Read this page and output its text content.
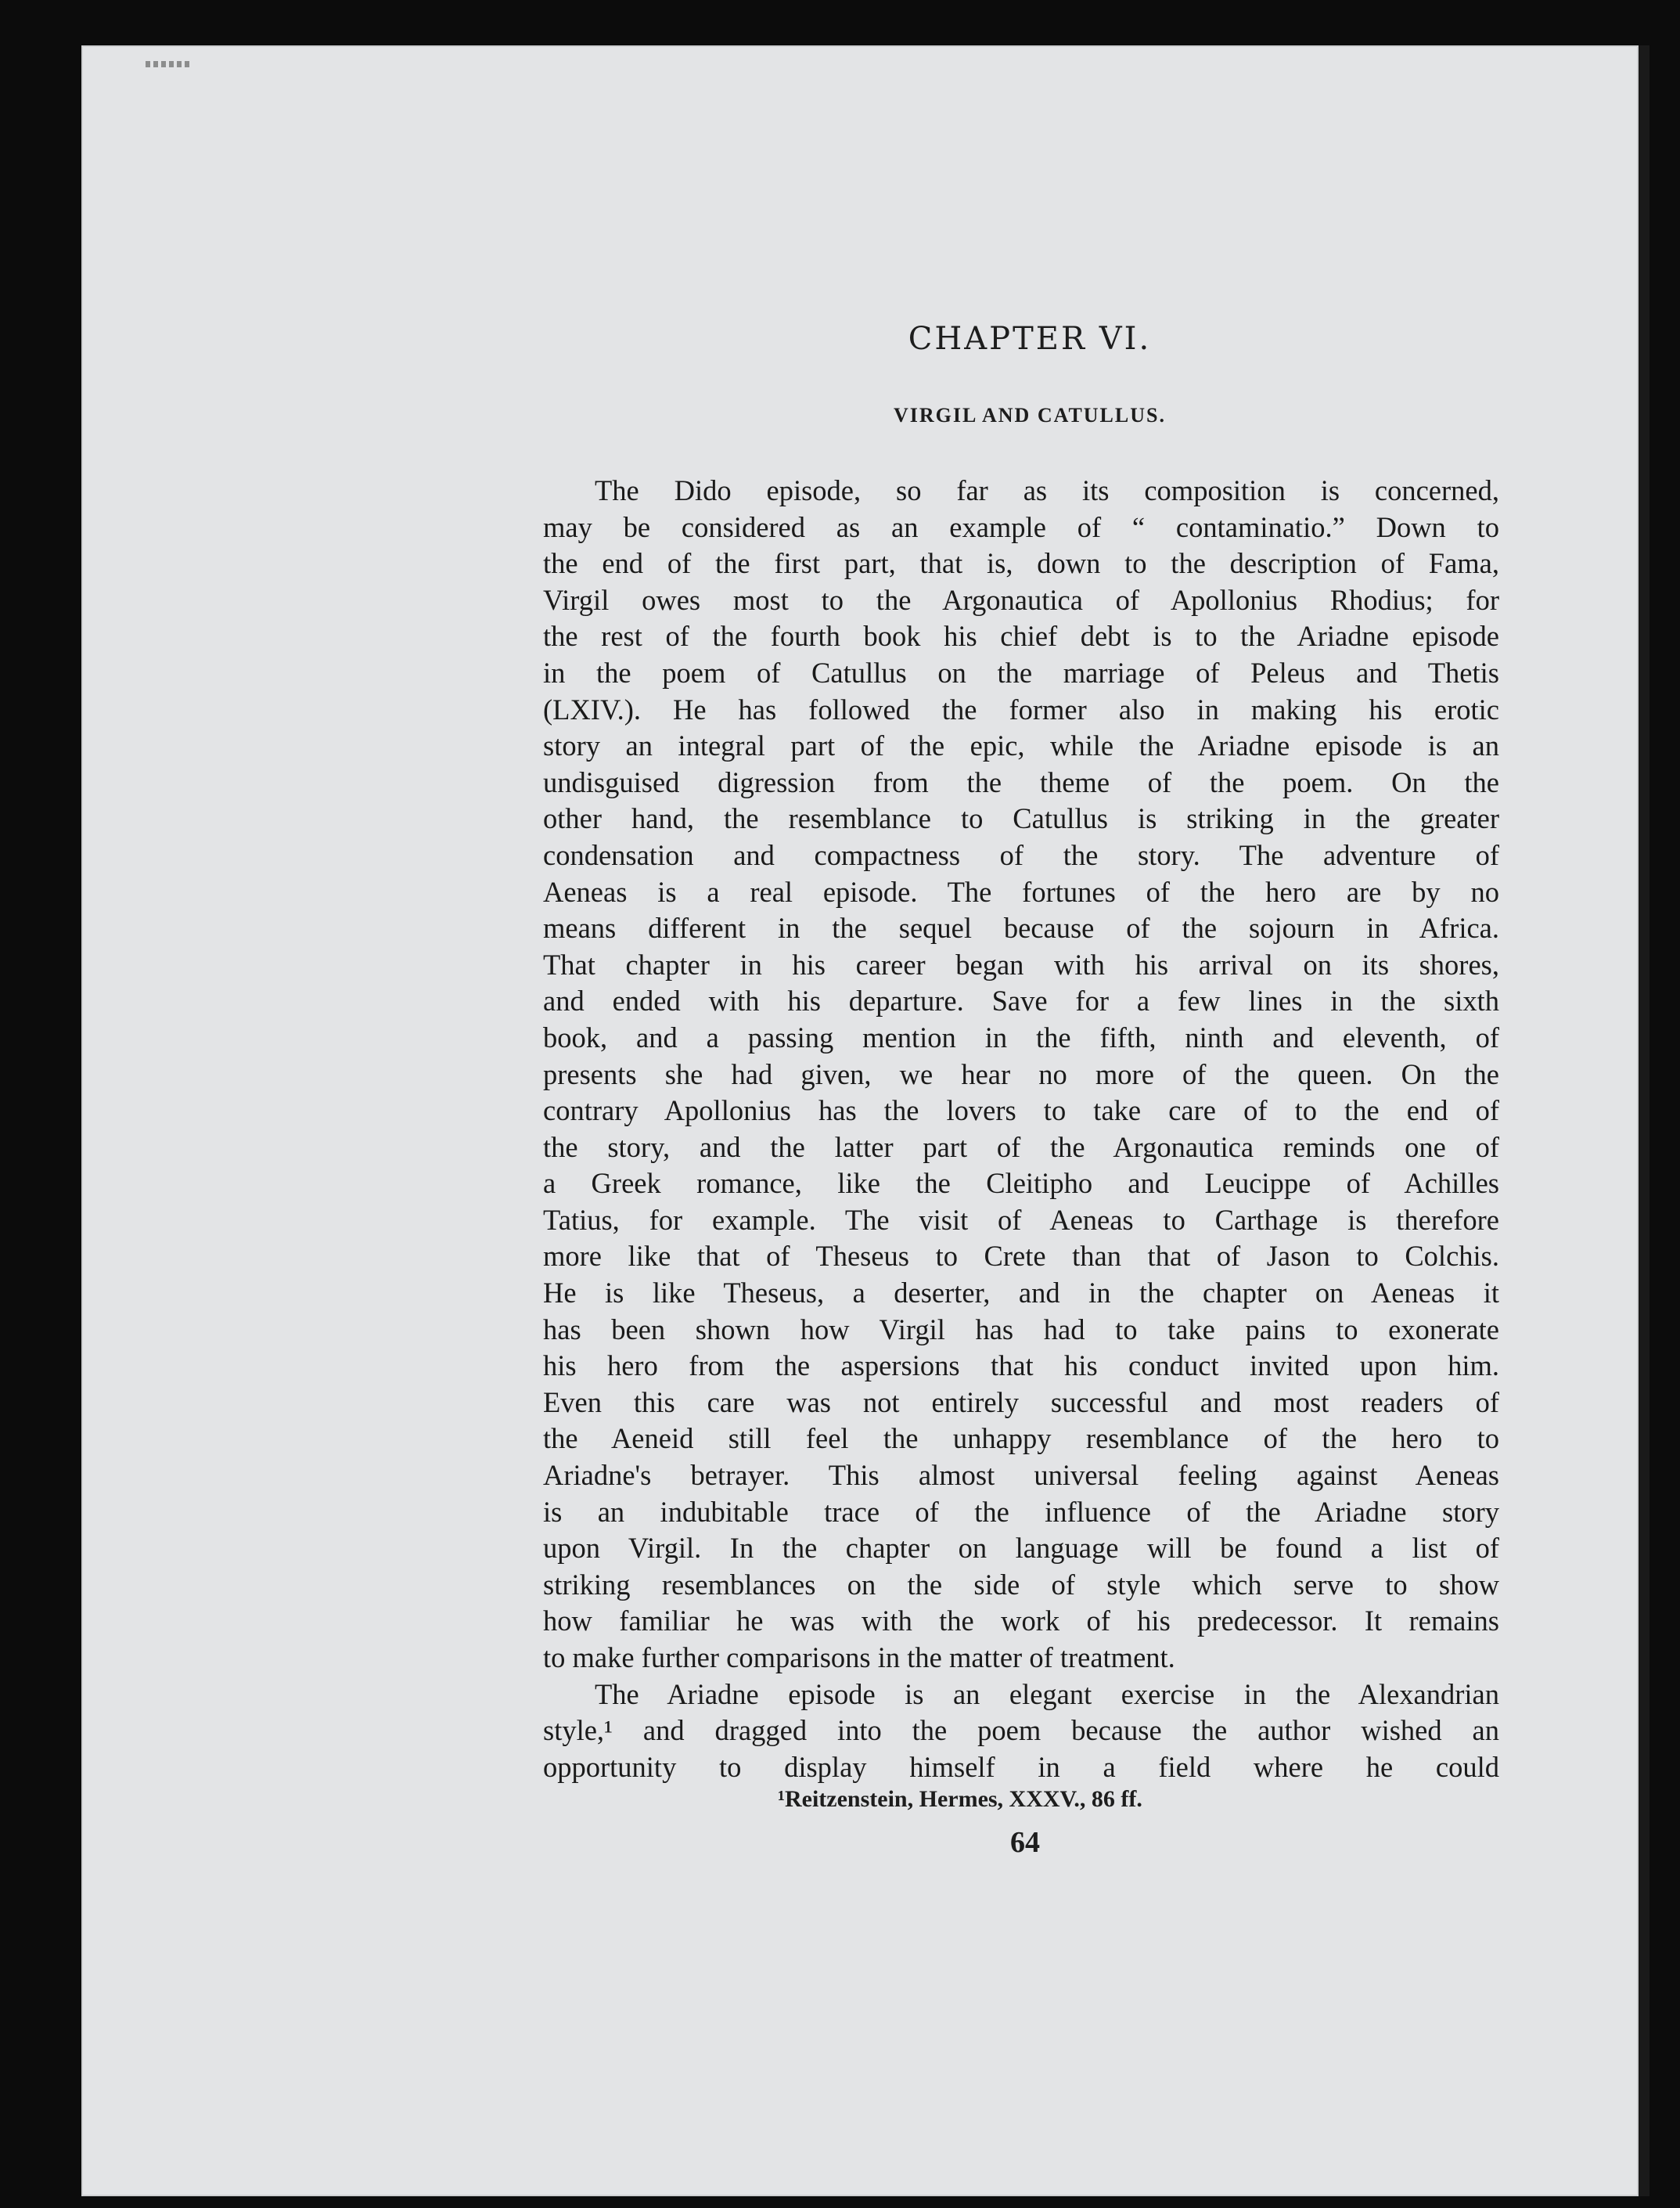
CHAPTER VI.
VIRGIL AND CATULLUS.
The Dido episode, so far as its composition is concerned,
may be considered as an example of “ contaminatio.” Down to
the end of the first part, that is, down to the description of Fama,
Virgil owes most to the Argonautica of Apollonius Rhodius; for
the rest of the fourth book his chief debt is to the Ariadne episode
in the poem of Catullus on the marriage of Peleus and Thetis
(LXIV.). He has followed the former also in making his erotic
story an integral part of the epic, while the Ariadne episode is an
undisguised digression from the theme of the poem. On the
other hand, the resemblance to Catullus is striking in the greater
condensation and compactness of the story. The adventure of
Aeneas is a real episode. The fortunes of the hero are by no
means different in the sequel because of the sojourn in Africa.
That chapter in his career began with his arrival on its shores,
and ended with his departure. Save for a few lines in the sixth
book, and a passing mention in the fifth, ninth and eleventh, of
presents she had given, we hear no more of the queen. On the
contrary Apollonius has the lovers to take care of to the end of
the story, and the latter part of the Argonautica reminds one of
a Greek romance, like the Cleitipho and Leucippe of Achilles
Tatius, for example. The visit of Aeneas to Carthage is therefore
more like that of Theseus to Crete than that of Jason to Colchis.
He is like Theseus, a deserter, and in the chapter on Aeneas it
has been shown how Virgil has had to take pains to exonerate
his hero from the aspersions that his conduct invited upon him.
Even this care was not entirely successful and most readers of
the Aeneid still feel the unhappy resemblance of the hero to
Ariadne's betrayer. This almost universal feeling against Aeneas
is an indubitable trace of the influence of the Ariadne story
upon Virgil. In the chapter on language will be found a list of
striking resemblances on the side of style which serve to show
how familiar he was with the work of his predecessor. It remains
to make further comparisons in the matter of treatment.
The Ariadne episode is an elegant exercise in the Alexandrian
style,¹ and dragged into the poem because the author wished an
opportunity to display himself in a field where he could
¹Reitzenstein, Hermes, XXXV., 86 ff.
64
